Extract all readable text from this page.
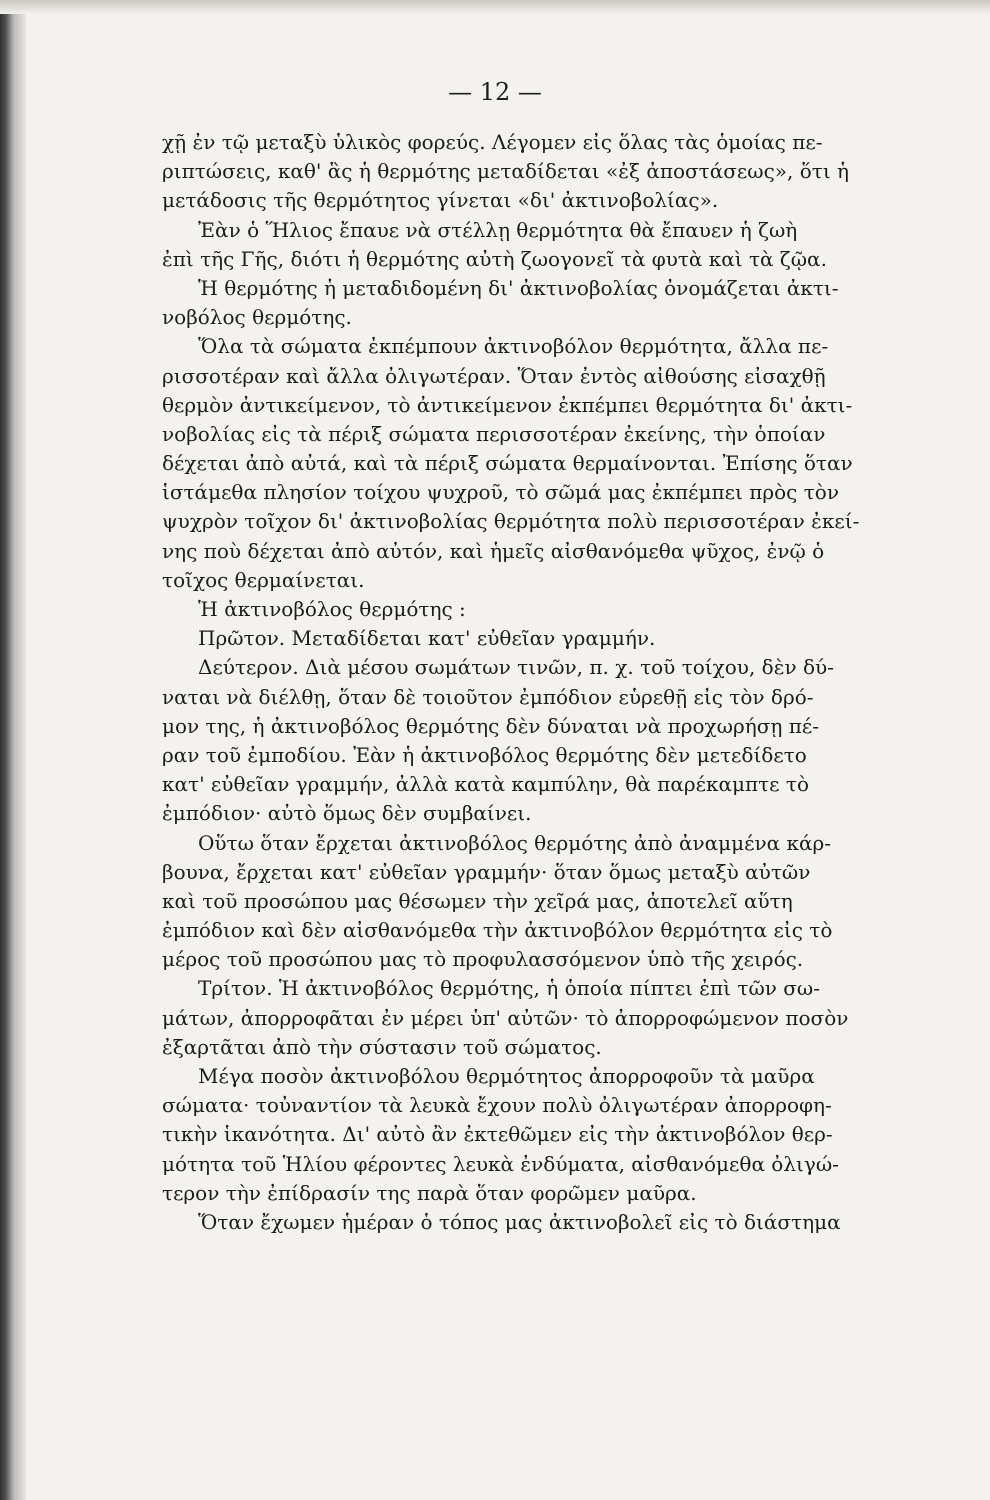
— 12 —
χῇ ἐν τῷ μεταξὺ ὑλικὸς φορεύς. Λέγομεν εἰς ὅλας τὰς ὁμοίας πε-
ριπτώσεις, καθ' ἃς ἡ θερμότης μεταδίδεται «ἐξ ἀποστάσεως», ὅτι ἡ
μετάδοσις τῆς θερμότητος γίνεται «δι' ἀκτινοβολίας».
Ἐὰν ὁ Ἥλιος ἔπαυε νὰ στέλλῃ θερμότητα θὰ ἔπαυεν ἡ ζωὴ
ἐπὶ τῆς Γῆς, διότι ἡ θερμότης αὐτὴ ζωογονεῖ τὰ φυτὰ καὶ τὰ ζῷα.
Ἡ θερμότης ἡ μεταδιδομένη δι' ἀκτινοβολίας ὀνομάζεται ἀκτι-
νοβόλος θερμότης.
Ὅλα τὰ σώματα ἐκπέμπουν ἀκτινοβόλον θερμότητα, ἄλλα πε-
ρισσοτέραν καὶ ἄλλα ὀλιγωτέραν. Ὅταν ἐντὸς αἰθούσης εἰσαχθῇ
θερμὸν ἀντικείμενον, τὸ ἀντικείμενον ἐκπέμπει θερμότητα δι' ἀκτι-
νοβολίας εἰς τὰ πέριξ σώματα περισσοτέραν ἐκείνης, τὴν ὁποίαν
δέχεται ἀπὸ αὐτά, καὶ τὰ πέριξ σώματα θερμαίνονται. Ἐπίσης ὅταν
ἱστάμεθα πλησίον τοίχου ψυχροῦ, τὸ σῶμά μας ἐκπέμπει πρὸς τὸν
ψυχρὸν τοῖχον δι' ἀκτινοβολίας θερμότητα πολὺ περισσοτέραν ἐκεί-
νης ποὺ δέχεται ἀπὸ αὐτόν, καὶ ἡμεῖς αἰσθανόμεθα ψῦχος, ἐνῷ ὁ
τοῖχος θερμαίνεται.
Ἡ ἀκτινοβόλος θερμότης :
Πρῶτον. Μεταδίδεται κατ' εὐθεῖαν γραμμήν.
Δεύτερον. Διὰ μέσου σωμάτων τινῶν, π. χ. τοῦ τοίχου, δὲν δύ-
ναται νὰ διέλθῃ, ὅταν δὲ τοιοῦτον ἐμπόδιον εὑρεθῇ εἰς τὸν δρό-
μον της, ἡ ἀκτινοβόλος θερμότης δὲν δύναται νὰ προχωρήσῃ πέ-
ραν τοῦ ἐμποδίου. Ἐὰν ἡ ἀκτινοβόλος θερμότης δὲν μετεδίδετο
κατ' εὐθεῖαν γραμμήν, ἀλλὰ κατὰ καμπύλην, θὰ παρέκαμπτε τὸ
ἐμπόδιον· αὐτὸ ὅμως δὲν συμβαίνει.
Οὕτω ὅταν ἔρχεται ἀκτινοβόλος θερμότης ἀπὸ ἀναμμένα κάρ-
βουνα, ἔρχεται κατ' εὐθεῖαν γραμμήν· ὅταν ὅμως μεταξὺ αὐτῶν
καὶ τοῦ προσώπου μας θέσωμεν τὴν χεῖρά μας, ἀποτελεῖ αὕτη
ἐμπόδιον καὶ δὲν αἰσθανόμεθα τὴν ἀκτινοβόλον θερμότητα εἰς τὸ
μέρος τοῦ προσώπου μας τὸ προφυλασσόμενον ὑπὸ τῆς χειρός.
Τρίτον. Ἡ ἀκτινοβόλος θερμότης, ἡ ὁποία πίπτει ἐπὶ τῶν σω-
μάτων, ἀπορροφᾶται ἐν μέρει ὑπ' αὐτῶν· τὸ ἀπορροφώμενον ποσὸν
ἐξαρτᾶται ἀπὸ τὴν σύστασιν τοῦ σώματος.
Μέγα ποσὸν ἀκτινοβόλου θερμότητος ἀπορροφοῦν τὰ μαῦρα
σώματα· τοὐναντίον τὰ λευκὰ ἔχουν πολὺ ὀλιγωτέραν ἀπορροφη-
τικὴν ἱκανότητα. Δι' αὐτὸ ἂν ἐκτεθῶμεν εἰς τὴν ἀκτινοβόλον θερ-
μότητα τοῦ Ἡλίου φέροντες λευκὰ ἐνδύματα, αἰσθανόμεθα ὀλιγώ-
τερον τὴν ἐπίδρασίν της παρὰ ὅταν φορῶμεν μαῦρα.
Ὅταν ἔχωμεν ἡμέραν ὁ τόπος μας ἀκτινοβολεῖ εἰς τὸ διάστημα
